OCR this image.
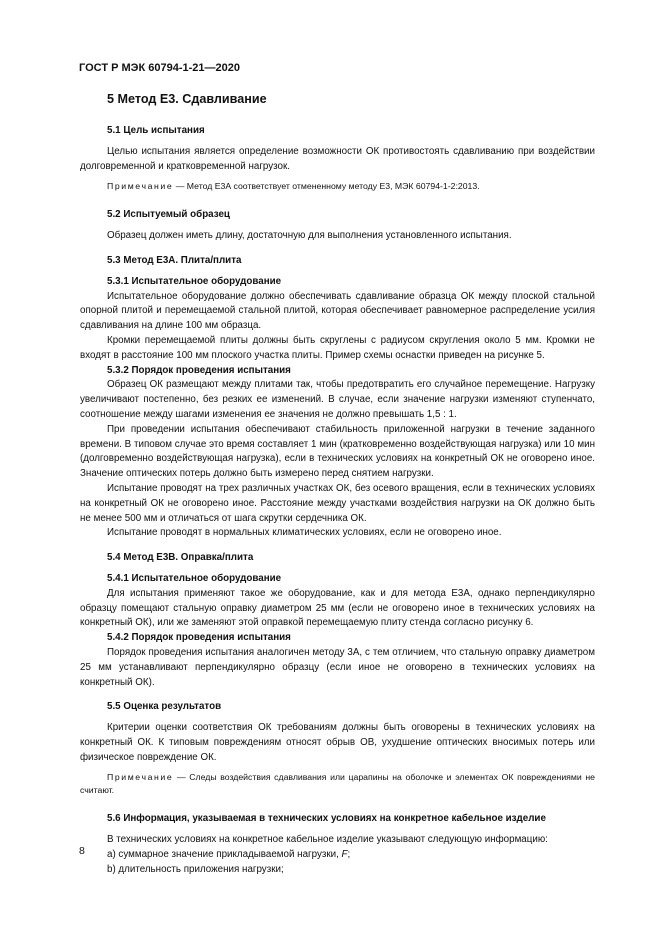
ГОСТ Р МЭК 60794-1-21—2020
5 Метод Е3. Сдавливание
5.1 Цель испытания

Целью испытания является определение возможности ОК противостоять сдавливанию при воздействии долговременной и кратковременной нагрузок.

Примечание — Метод Е3А соответствует отмененному методу Е3, МЭК 60794-1-2:2013.
5.2 Испытуемый образец

Образец должен иметь длину, достаточную для выполнения установленного испытания.

5.3 Метод Е3А. Плита/плита
5.3.1 Испытательное оборудование

Испытательное оборудование должно обеспечивать сдавливание образца ОК между плоской стальной опорной плитой и перемещаемой стальной плитой, которая обеспечивает равномерное распределение усилия сдавливания на длине 100 мм образца.

Кромки перемещаемой плиты должны быть скруглены с радиусом скругления около 5 мм. Кромки не входят в расстояние 100 мм плоского участка плиты. Пример схемы оснастки приведен на рисунке 5.

5.3.2 Порядок проведения испытания

Образец ОК размещают между плитами так, чтобы предотвратить его случайное перемещение. Нагрузку увеличивают постепенно, без резких ее изменений. В случае, если значение нагрузки изменяют ступенчато, соотношение между шагами изменения ее значения не должно превышать 1,5 : 1.

При проведении испытания обеспечивают стабильность приложенной нагрузки в течение заданного времени. В типовом случае это время составляет 1 мин (кратковременно воздействующая нагрузка) или 10 мин (долговременно воздействующая нагрузка), если в технических условиях на конкретный ОК не оговорено иное. Значение оптических потерь должно быть измерено перед снятием нагрузки.

Испытание проводят на трех различных участках ОК, без осевого вращения, если в технических условиях на конкретный ОК не оговорено иное. Расстояние между участками воздействия нагрузки на ОК должно быть не менее 500 мм и отличаться от шага скрутки сердечника ОК.

Испытание проводят в нормальных климатических условиях, если не оговорено иное.

5.4 Метод Е3В. Оправка/плита
5.4.1 Испытательное оборудование

Для испытания применяют такое же оборудование, как и для метода Е3А, однако перпендикулярно образцу помещают стальную оправку диаметром 25 мм (если не оговорено иное в технических условиях на конкретный ОК), или же заменяют этой оправкой перемещаемую плиту стенда согласно рисунку 6.

5.4.2 Порядок проведения испытания

Порядок проведения испытания аналогичен методу 3А, с тем отличием, что стальную оправку диаметром 25 мм устанавливают перпендикулярно образцу (если иное не оговорено в технических условиях на конкретный ОК).

5.5 Оценка результатов

Критерии оценки соответствия ОК требованиям должны быть оговорены в технических условиях на конкретный ОК. К типовым повреждениям относят обрыв ОВ, ухудшение оптических вносимых потерь или физическое повреждение ОК.

Примечание — Следы воздействия сдавливания или царапины на оболочке и элементах ОК повреждениями не считают.
5.6 Информация, указываемая в технических условиях на конкретное кабельное изделие

В технических условиях на конкретное кабельное изделие указывают следующую информацию:

a) суммарное значение прикладываемой нагрузки, F;

b) длительность приложения нагрузки;

8
